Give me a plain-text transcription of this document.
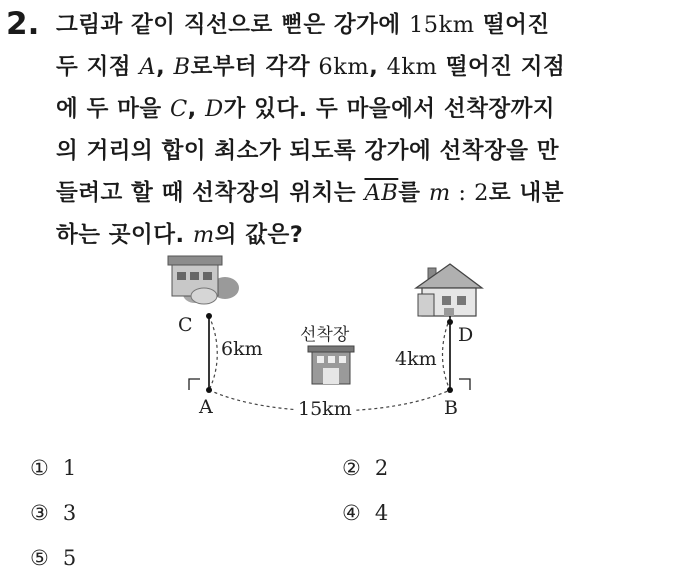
2. 그림과 같이 직선으로 뻗은 강가에 15km 떨어진
두 지점 A, B로부터 각각 6km, 4km 떨어진 지점
에 두 마을 C, D가 있다. 두 마을에서 선착장까지
의 거리의 합이 최소가 되도록 강가에 선착장을 만
들려고 할 때 선착장의 위치는 $\overline{AB}$를 m : 2로 내분
하는 곳이다. m의 값은?
C	D
A	B
6km	4km
15km
선착장
① 1	② 2
③ 3	④ 4
⑤ 5
